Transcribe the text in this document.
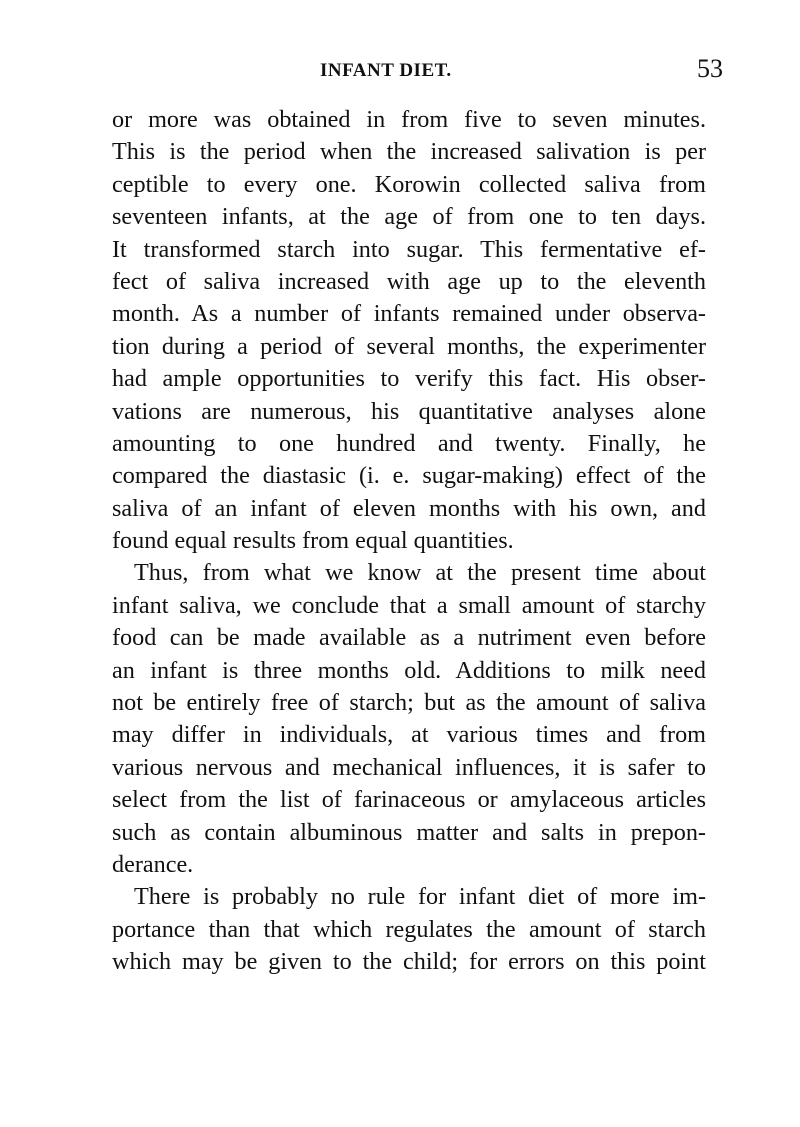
INFANT DIET.	53
or more was obtained in from five to seven minutes.
This is the period when the increased salivation is per
ceptible to every one. Korowin collected saliva from
seventeen infants, at the age of from one to ten days.
It transformed starch into sugar. This fermentative ef-
fect of saliva increased with age up to the eleventh
month. As a number of infants remained under observa-
tion during a period of several months, the experimenter
had ample opportunities to verify this fact. His obser-
vations are numerous, his quantitative analyses alone
amounting to one hundred and twenty. Finally, he
compared the diastasic (i. e. sugar-making) effect of the
saliva of an infant of eleven months with his own, and
found equal results from equal quantities.
Thus, from what we know at the present time about
infant saliva, we conclude that a small amount of starchy
food can be made available as a nutriment even before
an infant is three months old. Additions to milk need
not be entirely free of starch; but as the amount of saliva
may differ in individuals, at various times and from
various nervous and mechanical influences, it is safer to
select from the list of farinaceous or amylaceous articles
such as contain albuminous matter and salts in prepon-
derance.
There is probably no rule for infant diet of more im-
portance than that which regulates the amount of starch
which may be given to the child; for errors on this point
